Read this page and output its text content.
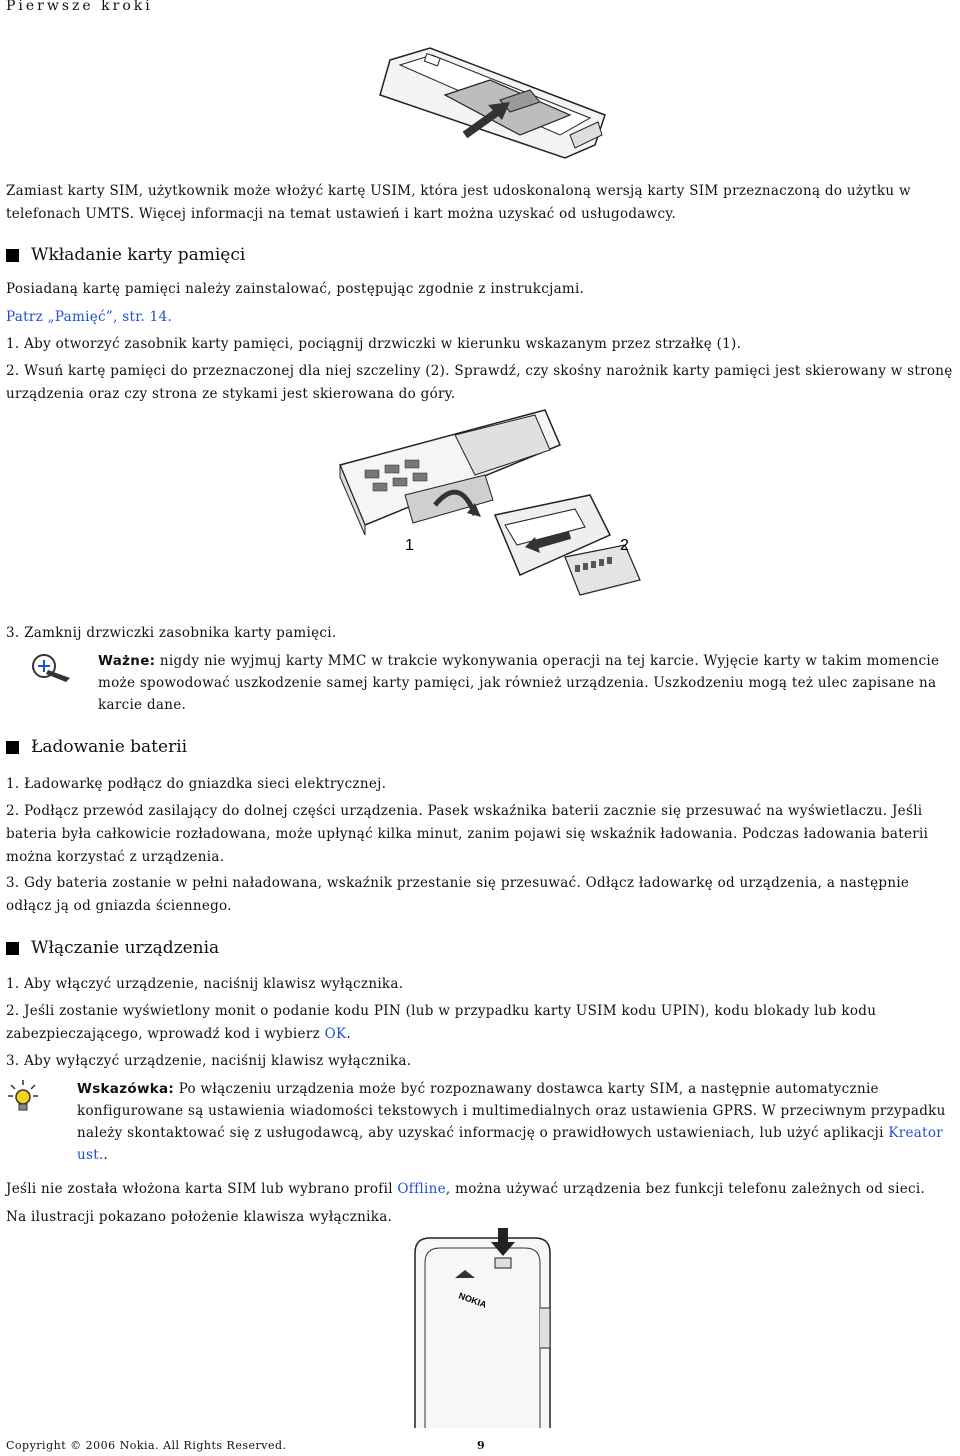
Pierwsze kroki

Zamiast karty SIM, użytkownik może włożyć kartę USIM, która jest udoskonaloną wersją karty SIM przeznaczoną do użytku w telefonach UMTS. Więcej informacji na temat ustawień i kart można uzyskać od usługodawcy.

Wkładanie karty pamięci

Posiadaną kartę pamięci należy zainstalować, postępując zgodnie z instrukcjami.

Patrz „Pamięć”, str. 14.

1. Aby otworzyć zasobnik karty pamięci, pociągnij drzwiczki w kierunku wskazanym przez strzałkę (1).

2. Wsuń kartę pamięci do przeznaczonej dla niej szczeliny (2). Sprawdź, czy skośny narożnik karty pamięci jest skierowany w stronę urządzenia oraz czy strona ze stykami jest skierowana do góry.

1	2

3. Zamknij drzwiczki zasobnika karty pamięci.

Ważne: nigdy nie wyjmuj karty MMC w trakcie wykonywania operacji na tej karcie. Wyjęcie karty w takim momencie może spowodować uszkodzenie samej karty pamięci, jak również urządzenia. Uszkodzeniu mogą też ulec zapisane na karcie dane.

Ładowanie baterii

1. Ładowarkę podłącz do gniazdka sieci elektrycznej.

2. Podłącz przewód zasilający do dolnej części urządzenia. Pasek wskaźnika baterii zacznie się przesuwać na wyświetlaczu. Jeśli bateria była całkowicie rozładowana, może upłynąć kilka minut, zanim pojawi się wskaźnik ładowania. Podczas ładowania baterii można korzystać z urządzenia.

3. Gdy bateria zostanie w pełni naładowana, wskaźnik przestanie się przesuwać. Odłącz ładowarkę od urządzenia, a następnie odłącz ją od gniazda ściennego.

Włączanie urządzenia

1. Aby włączyć urządzenie, naciśnij klawisz wyłącznika.

2. Jeśli zostanie wyświetlony monit o podanie kodu PIN (lub w przypadku karty USIM kodu UPIN), kodu blokady lub kodu zabezpieczającego, wprowadź kod i wybierz OK.

3. Aby wyłączyć urządzenie, naciśnij klawisz wyłącznika.

Wskazówka: Po włączeniu urządzenia może być rozpoznawany dostawca karty SIM, a następnie automatycznie konfigurowane są ustawienia wiadomości tekstowych i multimedialnych oraz ustawienia GPRS. W przeciwnym przypadku należy skontaktować się z usługodawcą, aby uzyskać informację o prawidłowych ustawieniach, lub użyć aplikacji Kreator ust..

Jeśli nie została włożona karta SIM lub wybrano profil Offline, można używać urządzenia bez funkcji telefonu zależnych od sieci.

Na ilustracji pokazano położenie klawisza wyłącznika.

NOKIA
Copyright © 2006 Nokia. All Rights Reserved.	9
